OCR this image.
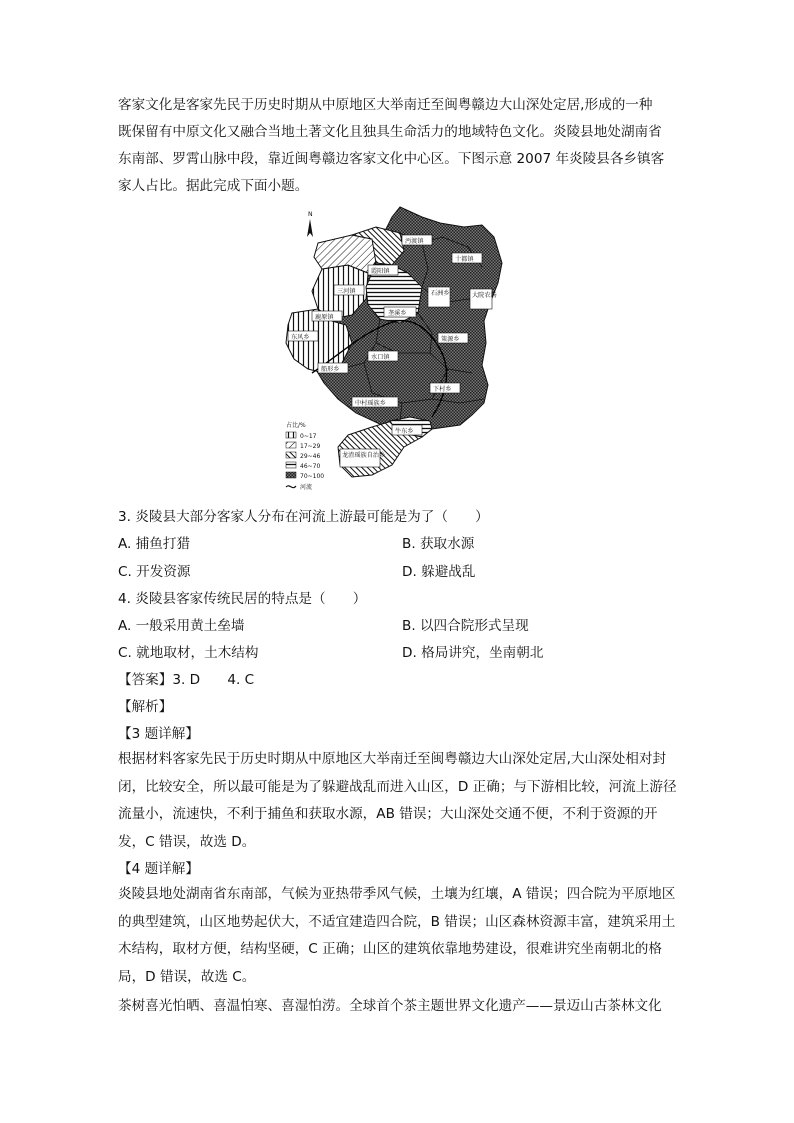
客家文化是客家先民于历史时期从中原地区大举南迁至闽粤赣边大山深处定居,形成的一种
既保留有中原文化又融合当地土著文化且独具生命活力的地域特色文化。炎陵县地处湖南省
东南部、罗霄山脉中段，靠近闽粤赣边客家文化中心区。下图示意 2007 年炎陵县各乡镇客
家人占比。据此完成下面小题。
N
沔渡镇
十都镇
霞阳镇
三河镇	石洲乡	大院农场
鹿原镇
垄溪乡
东风乡	策源乡
水口镇
船形乡
下村乡
中村瑶族乡
牛东乡
龙渣瑶族自治乡
占比/%
0~17
17~29
29~46
46~70
70~100
河流
3. 炎陵县大部分客家人分布在河流上游最可能是为了（　　）
A. 捕鱼打猎	B. 获取水源
C. 开发资源	D. 躲避战乱
4. 炎陵县客家传统民居的特点是（　　）
A. 一般采用黄土垒墙	B. 以四合院形式呈现
C. 就地取材，土木结构	D. 格局讲究，坐南朝北
【答案】3. D　　4. C
【解析】
【3 题详解】

根据材料客家先民于历史时期从中原地区大举南迁至闽粤赣边大山深处定居,大山深处相对封闭，比较安全，所以最可能是为了躲避战乱而进入山区，D 正确；与下游相比较，河流上游径流量小，流速快，不利于捕鱼和获取水源，AB 错误；大山深处交通不便，不利于资源的开发，C 错误，故选 D。

【4 题详解】

炎陵县地处湖南省东南部，气候为亚热带季风气候，土壤为红壤，A 错误；四合院为平原地区的典型建筑，山区地势起伏大，不适宜建造四合院，B 错误；山区森林资源丰富，建筑采用土木结构，取材方便，结构坚硬，C 正确；山区的建筑依靠地势建设，很难讲究坐南朝北的格局，D 错误，故选 C。

茶树喜光怕晒、喜温怕寒、喜湿怕涝。全球首个茶主题世界文化遗产——景迈山古茶林文化
